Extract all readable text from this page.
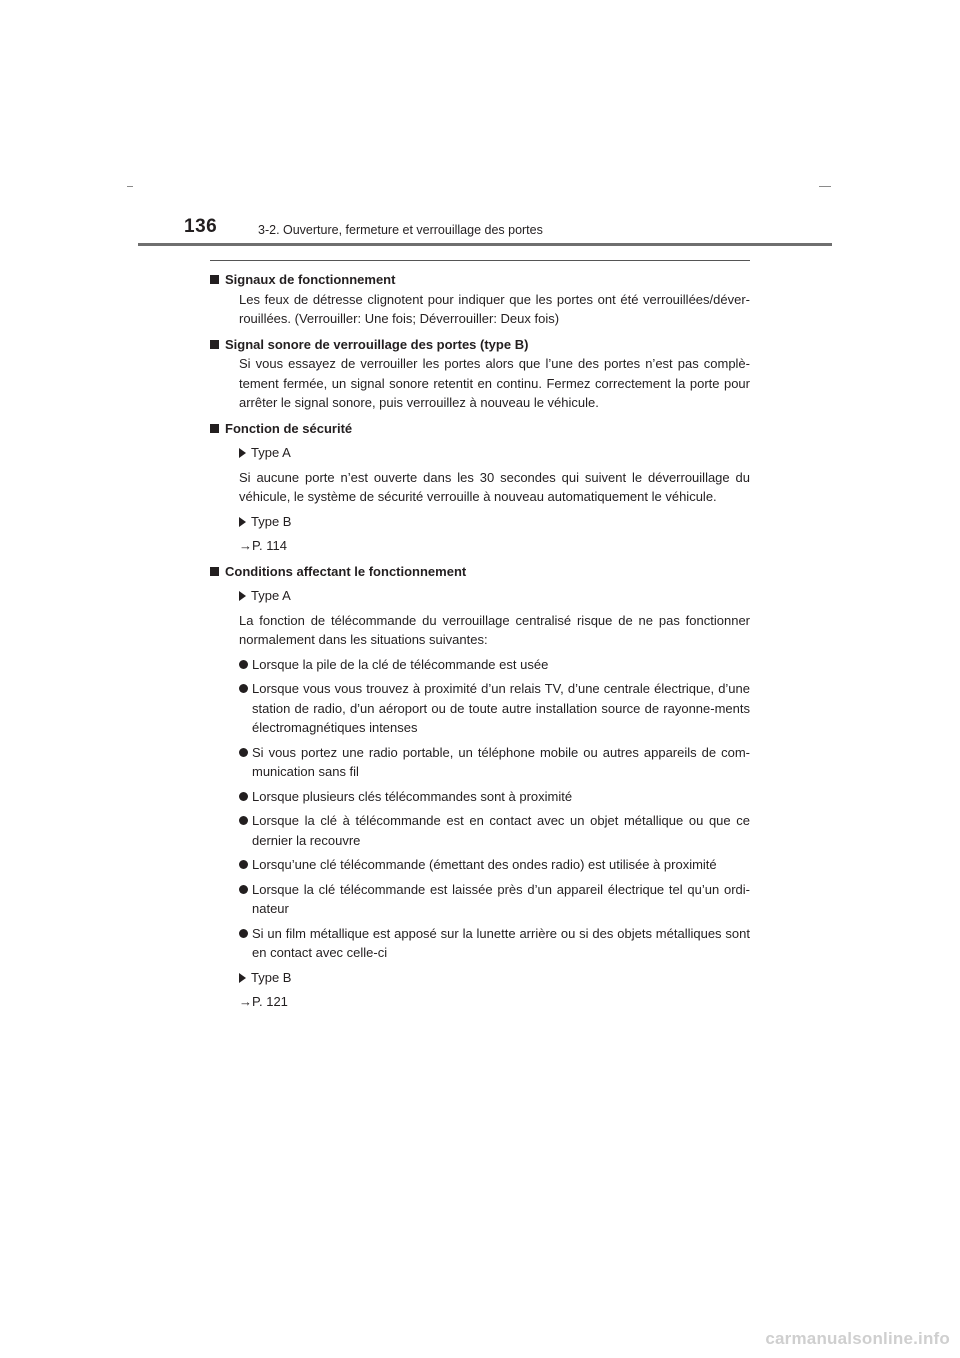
136	3-2. Ouverture, fermeture et verrouillage des portes
Signaux de fonctionnement
Les feux de détresse clignotent pour indiquer que les portes ont été verrouillées/déver-rouillées. (Verrouiller: Une fois; Déverrouiller: Deux fois)
Signal sonore de verrouillage des portes (type B)
Si vous essayez de verrouiller les portes alors que l’une des portes n’est pas complè-tement fermée, un signal sonore retentit en continu. Fermez correctement la porte pour arrêter le signal sonore, puis verrouillez à nouveau le véhicule.
Fonction de sécurité
Type A
Si aucune porte n’est ouverte dans les 30 secondes qui suivent le déverrouillage du véhicule, le système de sécurité verrouille à nouveau automatiquement le véhicule.
Type B
→P. 114
Conditions affectant le fonctionnement
Type A
La fonction de télécommande du verrouillage centralisé risque de ne pas fonctionner normalement dans les situations suivantes:
Lorsque la pile de la clé de télécommande est usée
Lorsque vous vous trouvez à proximité d’un relais TV, d’une centrale électrique, d’une station de radio, d’un aéroport ou de toute autre installation source de rayonne-ments électromagnétiques intenses
Si vous portez une radio portable, un téléphone mobile ou autres appareils de com-munication sans fil
Lorsque plusieurs clés télécommandes sont à proximité
Lorsque la clé à télécommande est en contact avec un objet métallique ou que ce dernier la recouvre
Lorsqu’une clé télécommande (émettant des ondes radio) est utilisée à proximité
Lorsque la clé télécommande est laissée près d’un appareil électrique tel qu’un ordi-nateur
Si un film métallique est apposé sur la lunette arrière ou si des objets métalliques sont en contact avec celle-ci
Type B
→P. 121
carmanualsonline.info
